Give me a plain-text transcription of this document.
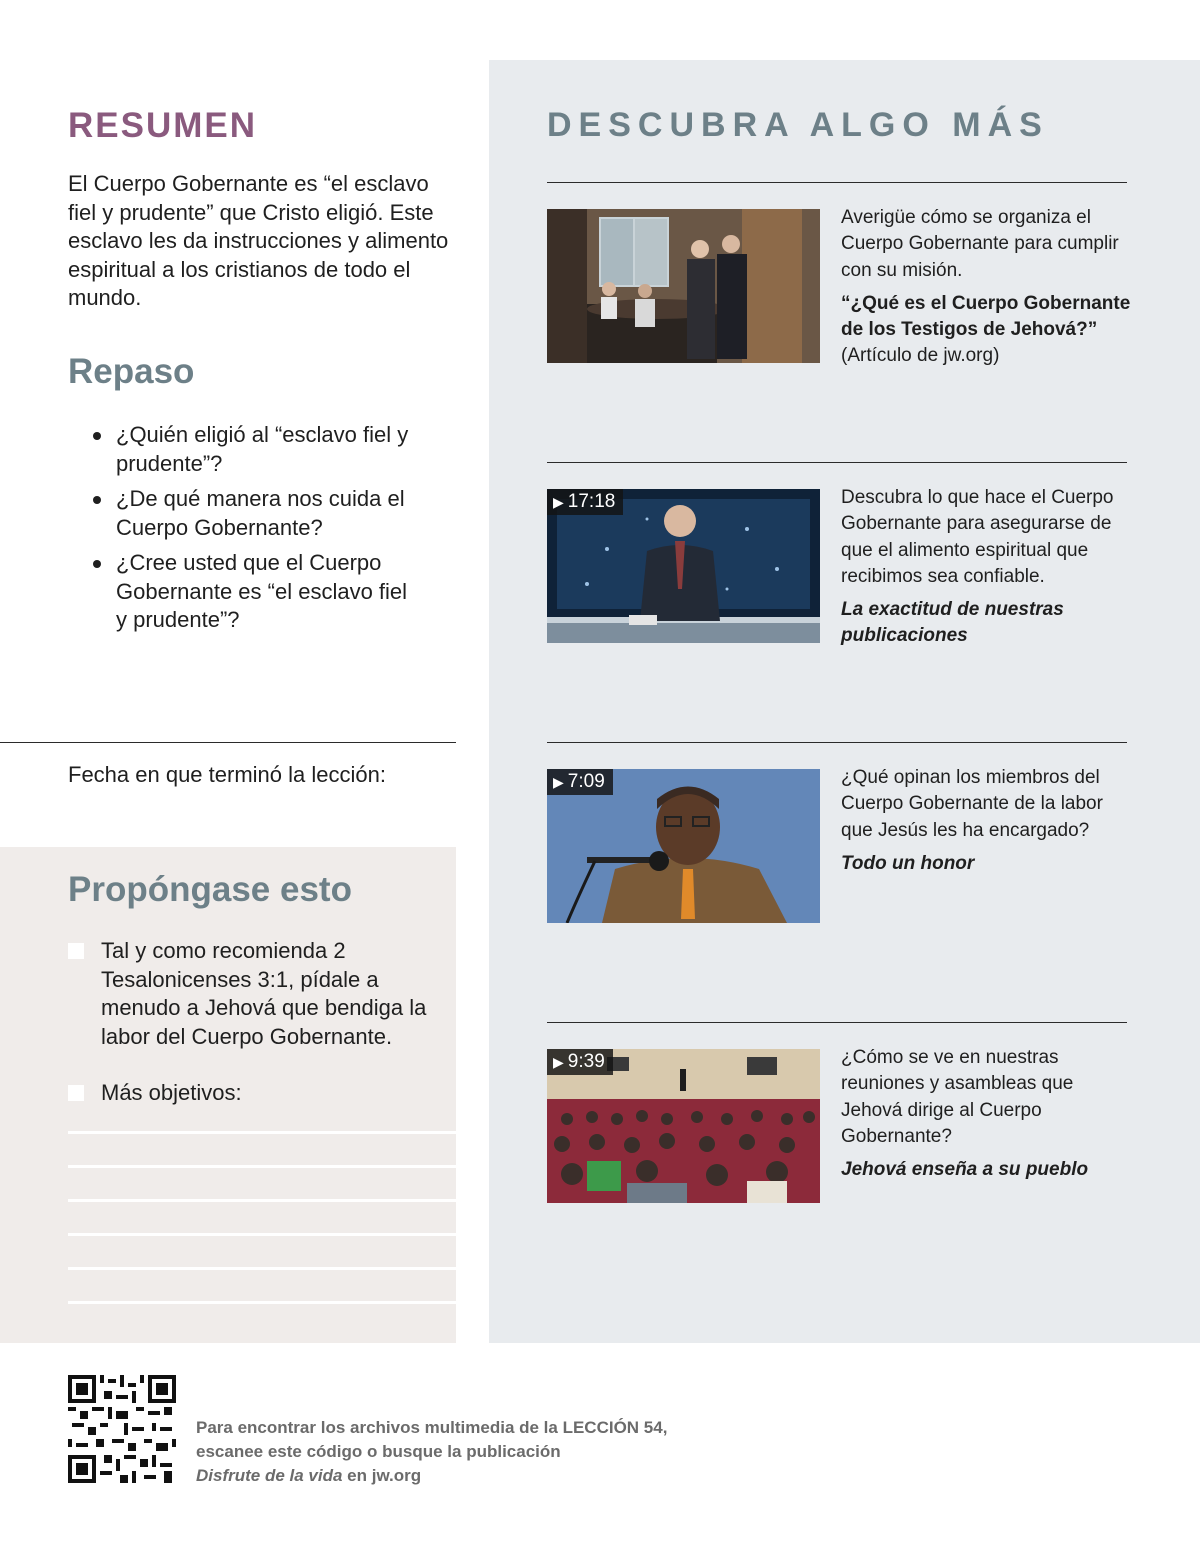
RESUMEN

El Cuerpo Gobernante es “el esclavo fiel y prudente” que Cristo eligió. Este esclavo les da instrucciones y alimento espiritual a los cristianos de todo el mundo.

Repaso
¿Quién eligió al “esclavo fiel y prudente”?
¿De qué manera nos cuida el Cuerpo Gobernante?
¿Cree usted que el Cuerpo Gobernante es “el esclavo fiel y prudente”?
Fecha en que terminó la lección:
Propóngase esto
Tal y como recomienda 2 Tesalonicenses 3:1, pídale a menudo a Jehová que bendiga la labor del Cuerpo Gobernante.
Más objetivos:
DESCUBRA ALGO MÁS
Averigüe cómo se organiza el Cuerpo Gobernante para cumplir con su misión.
“¿Qué es el Cuerpo Gobernante de los Testigos de Jehová?” (Artículo de jw.org)
▶ 17:18	Descubra lo que hace el Cuerpo Gobernante para asegurarse de que el alimento espiritual que recibimos sea confiable.
La exactitud de nuestras publicaciones
▶ 7:09	¿Qué opinan los miembros del Cuerpo Gobernante de la labor que Jesús les ha encargado?
Todo un honor
▶ 9:39	¿Cómo se ve en nuestras reuniones y asambleas que Jehová dirige al Cuerpo Gobernante?
Jehová enseña a su pueblo
Para encontrar los archivos multimedia de la LECCIÓN 54,
escanee este código o busque la publicación
Disfrute de la vida en jw.org
